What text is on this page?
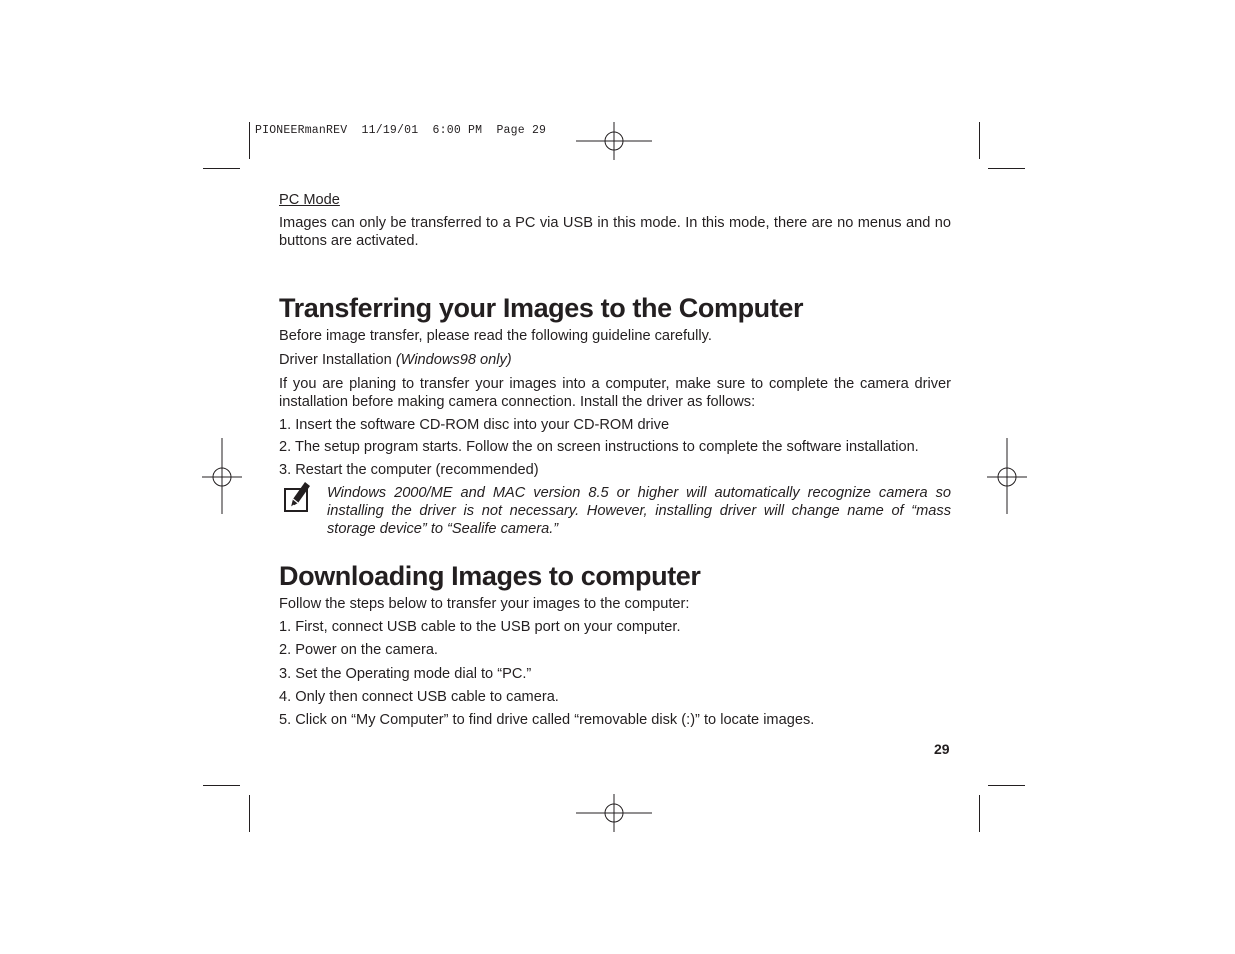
PIONEERmanREV  11/19/01  6:00 PM  Page 29

PC Mode

Images can only be transferred to a PC via USB in this mode. In this mode, there are no menus and no buttons are activated.

Transferring your Images to the Computer

Before image transfer, please read the following guideline carefully.

Driver Installation (Windows98 only)

If you are planing to transfer your images into a computer, make sure to complete the camera driver installation before making camera connection. Install the driver as follows:

1. Insert the software CD-ROM disc into your CD-ROM drive

2. The setup program starts. Follow the on screen instructions to complete the software installation.

3. Restart the computer (recommended)

Windows 2000/ME and MAC version 8.5 or higher will automatically recognize camera so installing the driver is not necessary. However, installing driver will change name of “mass storage device” to “Sealife camera.”

Downloading Images to computer

Follow the steps below to transfer your images to the computer:

1. First, connect USB cable to the USB port on your computer.

2. Power on the camera.

3. Set the Operating mode dial to “PC.”

4. Only then connect USB cable to camera.

5. Click on “My Computer” to find drive called “removable disk (:)” to locate images.

29
